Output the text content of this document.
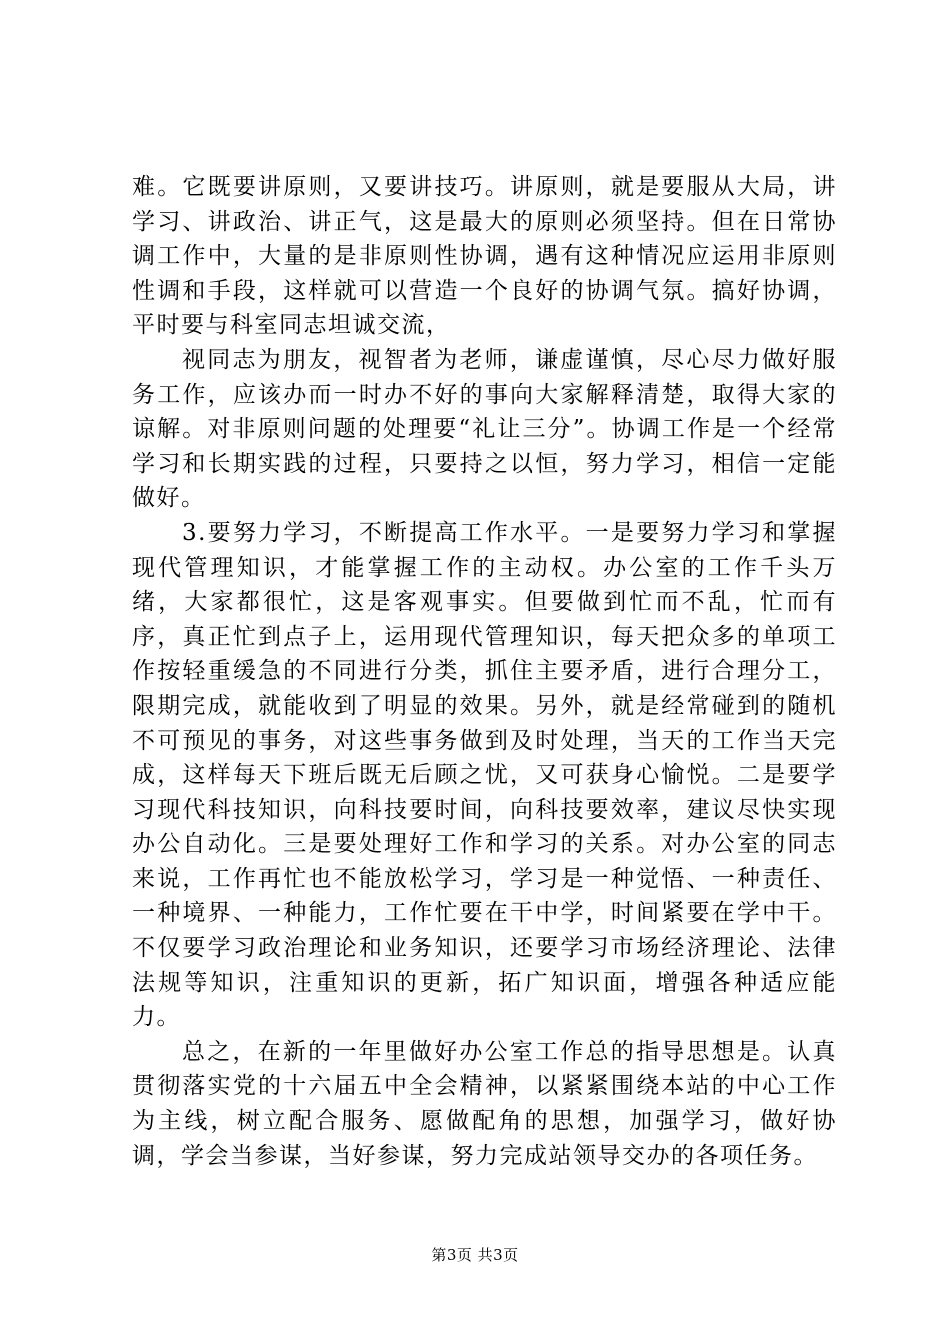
难。它既要讲原则，又要讲技巧。讲原则，就是要服从大局，讲学习、讲政治、讲正气，这是最大的原则必须坚持。但在日常协调工作中，大量的是非原则性协调，遇有这种情况应运用非原则性调和手段，这样就可以营造一个良好的协调气氛。搞好协调，平时要与科室同志坦诚交流，

视同志为朋友，视智者为老师，谦虚谨慎，尽心尽力做好服务工作，应该办而一时办不好的事向大家解释清楚，取得大家的谅解。对非原则问题的处理要“礼让三分”。协调工作是一个经常学习和长期实践的过程，只要持之以恒，努力学习，相信一定能做好。

3.要努力学习，不断提高工作水平。一是要努力学习和掌握现代管理知识，才能掌握工作的主动权。办公室的工作千头万绪，大家都很忙，这是客观事实。但要做到忙而不乱，忙而有序，真正忙到点子上，运用现代管理知识，每天把众多的单项工作按轻重缓急的不同进行分类，抓住主要矛盾，进行合理分工，限期完成，就能收到了明显的效果。另外，就是经常碰到的随机不可预见的事务，对这些事务做到及时处理，当天的工作当天完成，这样每天下班后既无后顾之忧，又可获身心愉悦。二是要学习现代科技知识，向科技要时间，向科技要效率，建议尽快实现办公自动化。三是要处理好工作和学习的关系。对办公室的同志来说，工作再忙也不能放松学习，学习是一种觉悟、一种责任、一种境界、一种能力，工作忙要在干中学，时间紧要在学中干。不仅要学习政治理论和业务知识，还要学习市场经济理论、法律法规等知识，注重知识的更新，拓广知识面，增强各种适应能力。

总之，在新的一年里做好办公室工作总的指导思想是。认真贯彻落实党的十六届五中全会精神，以紧紧围绕本站的中心工作为主线，树立配合服务、愿做配角的思想，加强学习，做好协调，学会当参谋，当好参谋，努力完成站领导交办的各项任务。

第3页 共3页
